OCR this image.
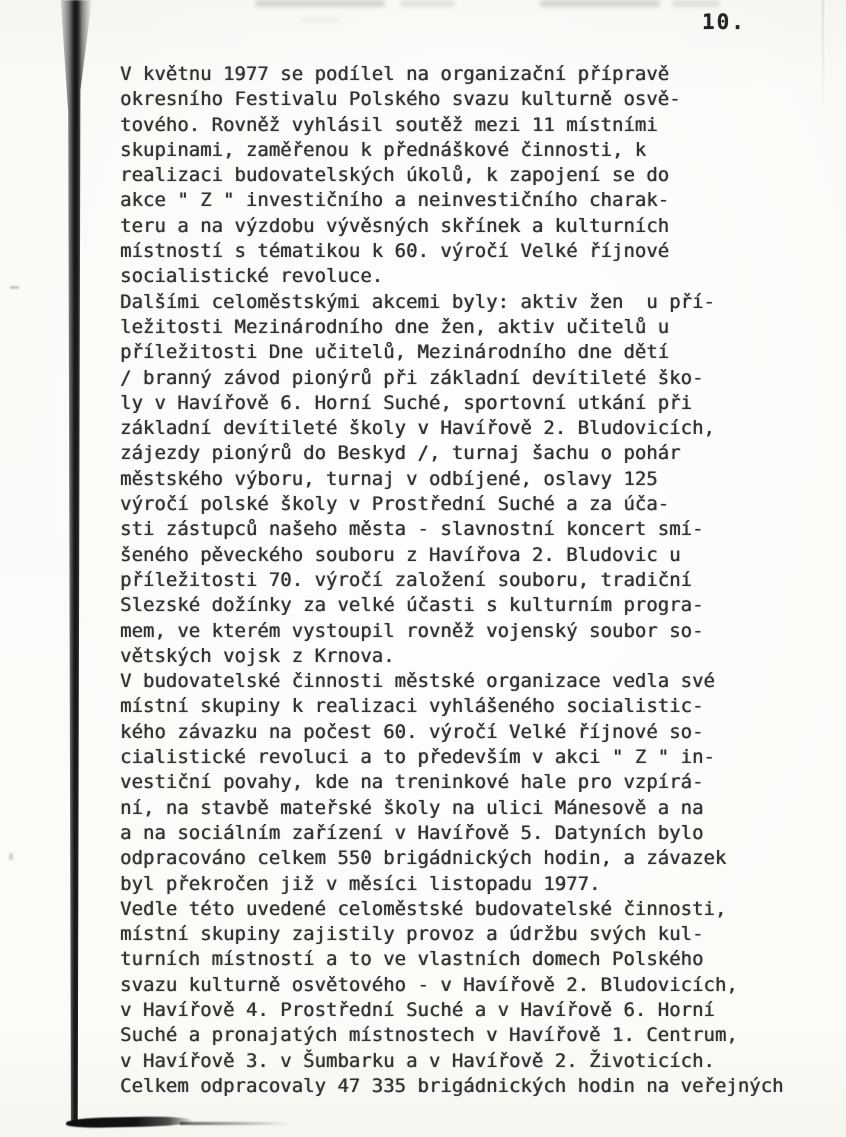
10.
V květnu 1977 se podílel na organizační přípravě
okresního Festivalu Polského svazu kulturně osvě-
tového. Rovněž vyhlásil soutěž mezi 11 místními
skupinami, zaměřenou k přednáškové činnosti, k
realizaci budovatelských úkolů, k zapojení se do
akce " Z " investičního a neinvestičního charak-
teru a na výzdobu vývěsných skřínek a kulturních
místností s tématikou k 60. výročí Velké říjnové
socialistické revoluce.
Dalšími celoměstskými akcemi byly: aktiv žen  u pří-
ležitosti Mezinárodního dne žen, aktiv učitelů u
příležitosti Dne učitelů, Mezinárodního dne dětí
/ branný závod pionýrů při základní devítileté ško-
ly v Havířově 6. Horní Suché, sportovní utkání při
základní devítileté školy v Havířově 2. Bludovicích,
zájezdy pionýrů do Beskyd /, turnaj šachu o pohár
městského výboru, turnaj v odbíjené, oslavy 125
výročí polské školy v Prostřední Suché a za úča-
sti zástupců našeho města - slavnostní koncert smí-
šeného pěveckého souboru z Havířova 2. Bludovic u
příležitosti 70. výročí založení souboru, tradiční
Slezské dožínky za velké účasti s kulturním progra-
mem, ve kterém vystoupil rovněž vojenský soubor so-
větských vojsk z Krnova.
V budovatelské činnosti městské organizace vedla své
místní skupiny k realizaci vyhlášeného socialistic-
kého závazku na počest 60. výročí Velké říjnové so-
cialistické revoluci a to především v akci " Z " in-
vestiční povahy, kde na treninkové hale pro vzpírá-
ní, na stavbě mateřské školy na ulici Mánesově a na
a na sociálním zařízení v Havířově 5. Datyních bylo
odpracováno celkem 550 brigádnických hodin, a závazek
byl překročen již v měsíci listopadu 1977.
Vedle této uvedené celoměstské budovatelské činnosti,
místní skupiny zajistily provoz a údržbu svých kul-
turních místností a to ve vlastních domech Polského
svazu kulturně osvětového - v Havířově 2. Bludovicích,
v Havířově 4. Prostřední Suché a v Havířově 6. Horní
Suché a pronajatých místnostech v Havířově 1. Centrum,
v Havířově 3. v Šumbarku a v Havířově 2. Životicích.
Celkem odpracovaly 47 335 brigádnických hodin na veřejných
